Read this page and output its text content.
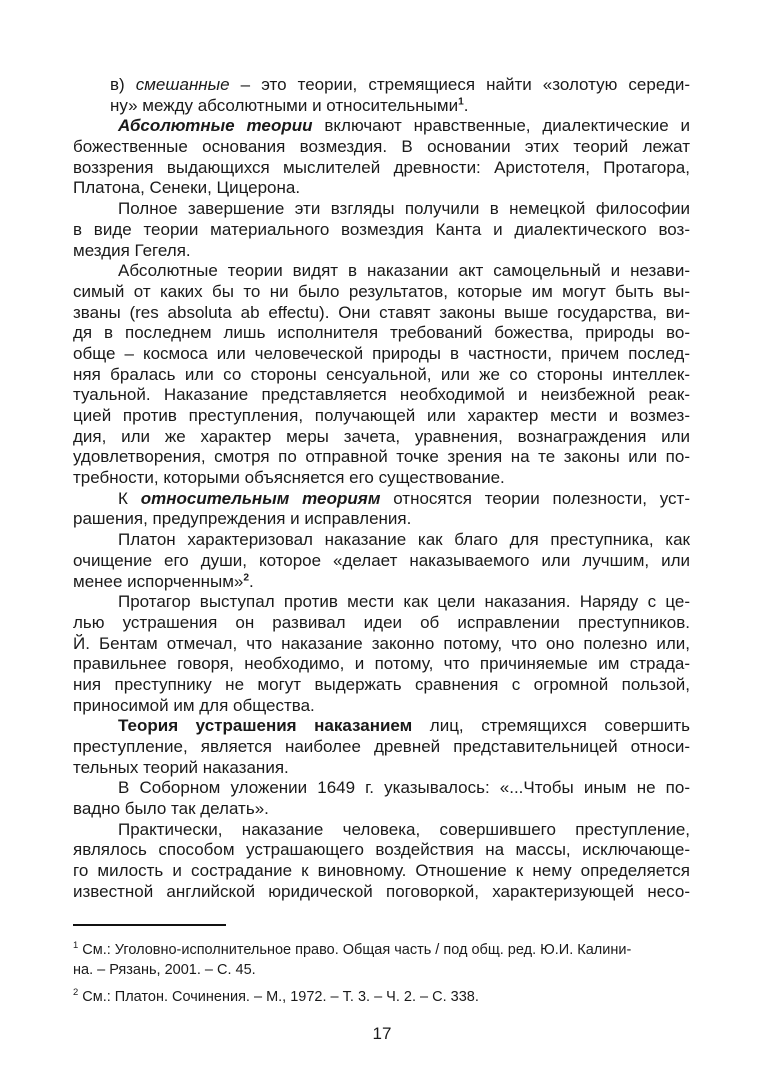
в) смешанные – это теории, стремящиеся найти «золотую середи-
ну» между абсолютными и относительными$^1$.
Абсолютные теории включают нравственные, диалектические и
божественные основания возмездия. В основании этих теорий лежат
воззрения выдающихся мыслителей древности: Аристотеля, Протагора,
Платона, Сенеки, Цицерона.
Полное завершение эти взгляды получили в немецкой философии
в виде теории материального возмездия Канта и диалектического воз-
мездия Гегеля.
Абсолютные теории видят в наказании акт самоцельный и незави-
симый от каких бы то ни было результатов, которые им могут быть вы-
званы (res absoluta ab effectu). Они ставят законы выше государства, ви-
дя в последнем лишь исполнителя требований божества, природы во-
обще – космоса или человеческой природы в частности, причем послед-
няя бралась или со стороны сенсуальной, или же со стороны интеллек-
туальной. Наказание представляется необходимой и неизбежной реак-
цией против преступления, получающей или характер мести и возмез-
дия, или же характер меры зачета, уравнения, вознаграждения или
удовлетворения, смотря по отправной точке зрения на те законы или по-
требности, которыми объясняется его существование.
К относительным теориям относятся теории полезности, уст-
рашения, предупреждения и исправления.
Платон характеризовал наказание как благо для преступника, как
очищение его души, которое «делает наказываемого или лучшим, или
менее испорченным»$^2$.
Протагор выступал против мести как цели наказания. Наряду с це-
лью устрашения он развивал идеи об исправлении преступников.
Й. Бентам отмечал, что наказание законно потому, что оно полезно или,
правильнее говоря, необходимо, и потому, что причиняемые им страда-
ния преступнику не могут выдержать сравнения с огромной пользой,
приносимой им для общества.
Теория устрашения наказанием лиц, стремящихся совершить
преступление, является наиболее древней представительницей относи-
тельных теорий наказания.
В Соборном уложении 1649 г. указывалось: «...Чтобы иным не по-
вадно было так делать».
Практически, наказание человека, совершившего преступление,
являлось способом устрашающего воздействия на массы, исключающе-
го милость и сострадание к виновному. Отношение к нему определяется
известной английской юридической поговоркой, характеризующей несо-
$^1$ См.: Уголовно-исполнительное право. Общая часть / под общ. ред. Ю.И. Калини-
на. – Рязань, 2001. – С. 45.
$^2$ См.: Платон. Сочинения. – М., 1972. – Т. 3. – Ч. 2. – С. 338.
17
